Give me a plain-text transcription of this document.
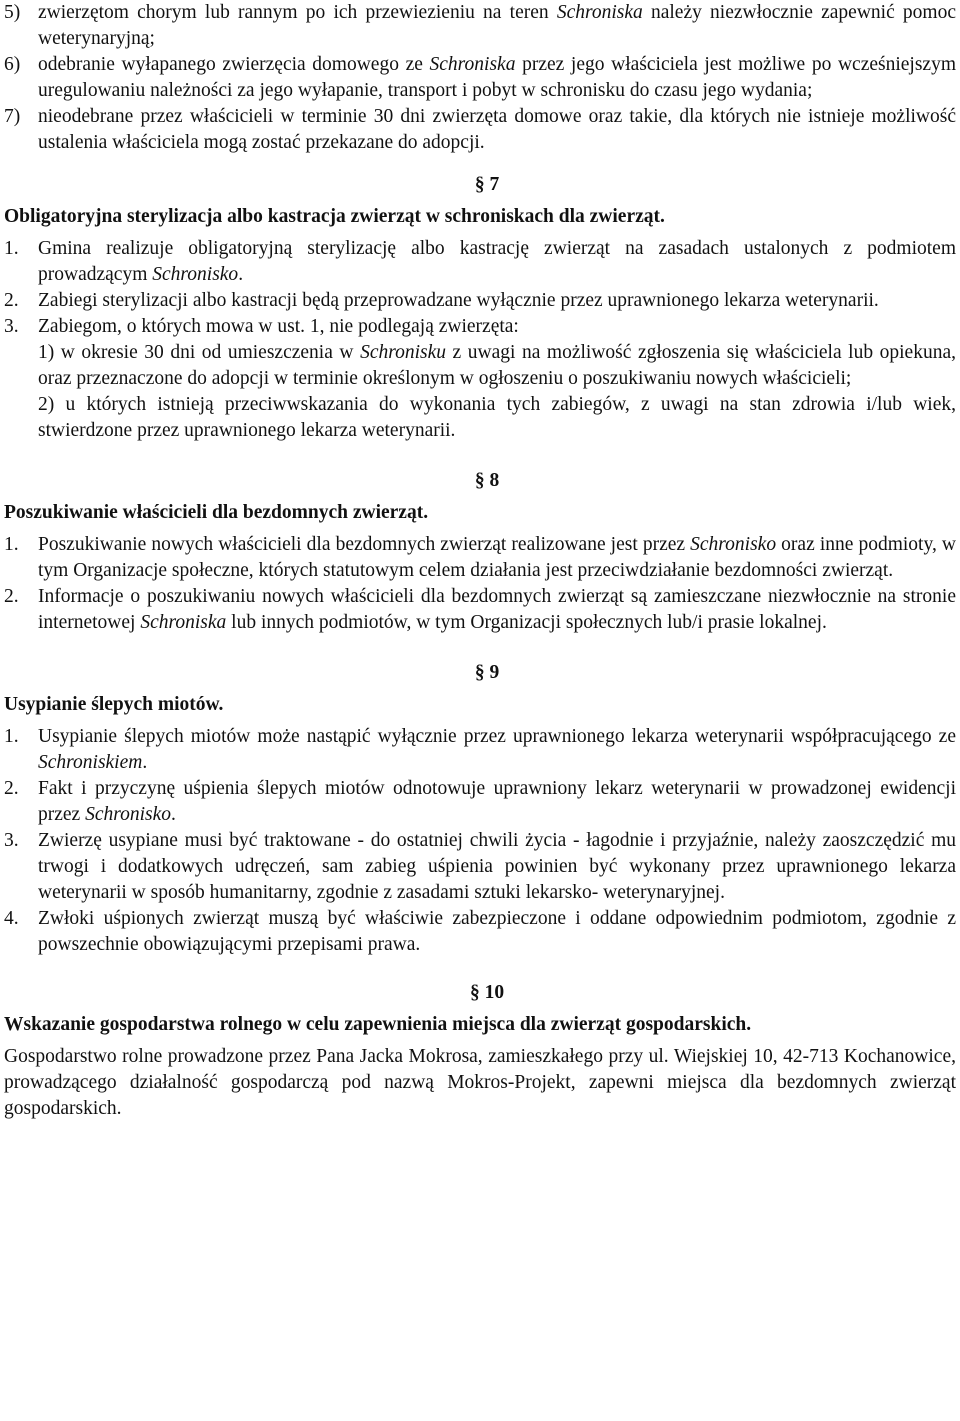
5) zwierzętom chorym lub rannym po ich przewiezieniu na teren Schroniska należy niezwłocznie zapewnić pomoc weterynaryjną;
6) odebranie wyłapanego zwierzęcia domowego ze Schroniska przez jego właściciela jest możliwe po wcześniejszym uregulowaniu należności za jego wyłapanie, transport i pobyt w schronisku do czasu jego wydania;
7) nieodebrane przez właścicieli w terminie 30 dni zwierzęta domowe oraz takie, dla których nie istnieje możliwość ustalenia właściciela mogą zostać przekazane do adopcji.

§ 7

Obligatoryjna sterylizacja albo kastracja zwierząt w schroniskach dla zwierząt.

1. Gmina realizuje obligatoryjną sterylizację albo kastrację zwierząt na zasadach ustalonych z podmiotem prowadzącym Schronisko.
2. Zabiegi sterylizacji albo kastracji będą przeprowadzane wyłącznie przez uprawnionego lekarza weterynarii.
3. Zabiegom, o których mowa w ust. 1, nie podlegają zwierzęta:

1) w okresie 30 dni od umieszczenia w Schronisku z uwagi na możliwość zgłoszenia się właściciela lub opiekuna, oraz przeznaczone do adopcji w terminie określonym w ogłoszeniu o poszukiwaniu nowych właścicieli;

2) u których istnieją przeciwwskazania do wykonania tych zabiegów, z uwagi na stan zdrowia i/lub wiek, stwierdzone przez uprawnionego lekarza weterynarii.

§ 8

Poszukiwanie właścicieli dla bezdomnych zwierząt.

1. Poszukiwanie nowych właścicieli dla bezdomnych zwierząt realizowane jest przez Schronisko oraz inne podmioty, w tym Organizacje społeczne, których statutowym celem działania jest przeciwdziałanie bezdomności zwierząt.
2. Informacje o poszukiwaniu nowych właścicieli dla bezdomnych zwierząt są zamieszczane niezwłocznie na stronie internetowej Schroniska lub innych podmiotów, w tym Organizacji społecznych lub/i prasie lokalnej.

§ 9

Usypianie ślepych miotów.

1. Usypianie ślepych miotów może nastąpić wyłącznie przez uprawnionego lekarza weterynarii współpracującego ze Schroniskiem.
2. Fakt i przyczynę uśpienia ślepych miotów odnotowuje uprawniony lekarz weterynarii w prowadzonej ewidencji przez Schronisko.
3. Zwierzę usypiane musi być traktowane - do ostatniej chwili życia - łagodnie i przyjaźnie, należy zaoszczędzić mu trwogi i dodatkowych udręczeń, sam zabieg uśpienia powinien być wykonany przez uprawnionego lekarza weterynarii w sposób humanitarny, zgodnie z zasadami sztuki lekarsko- weterynaryjnej.
4. Zwłoki uśpionych zwierząt muszą być właściwie zabezpieczone i oddane odpowiednim podmiotom, zgodnie z powszechnie obowiązującymi przepisami prawa.

§ 10

Wskazanie gospodarstwa rolnego w celu zapewnienia miejsca dla zwierząt gospodarskich.

Gospodarstwo rolne prowadzone przez Pana Jacka Mokrosa, zamieszkałego przy ul. Wiejskiej 10, 42-713 Kochanowice, prowadzącego działalność gospodarczą pod nazwą Mokros-Projekt, zapewni miejsca dla bezdomnych zwierząt gospodarskich.
